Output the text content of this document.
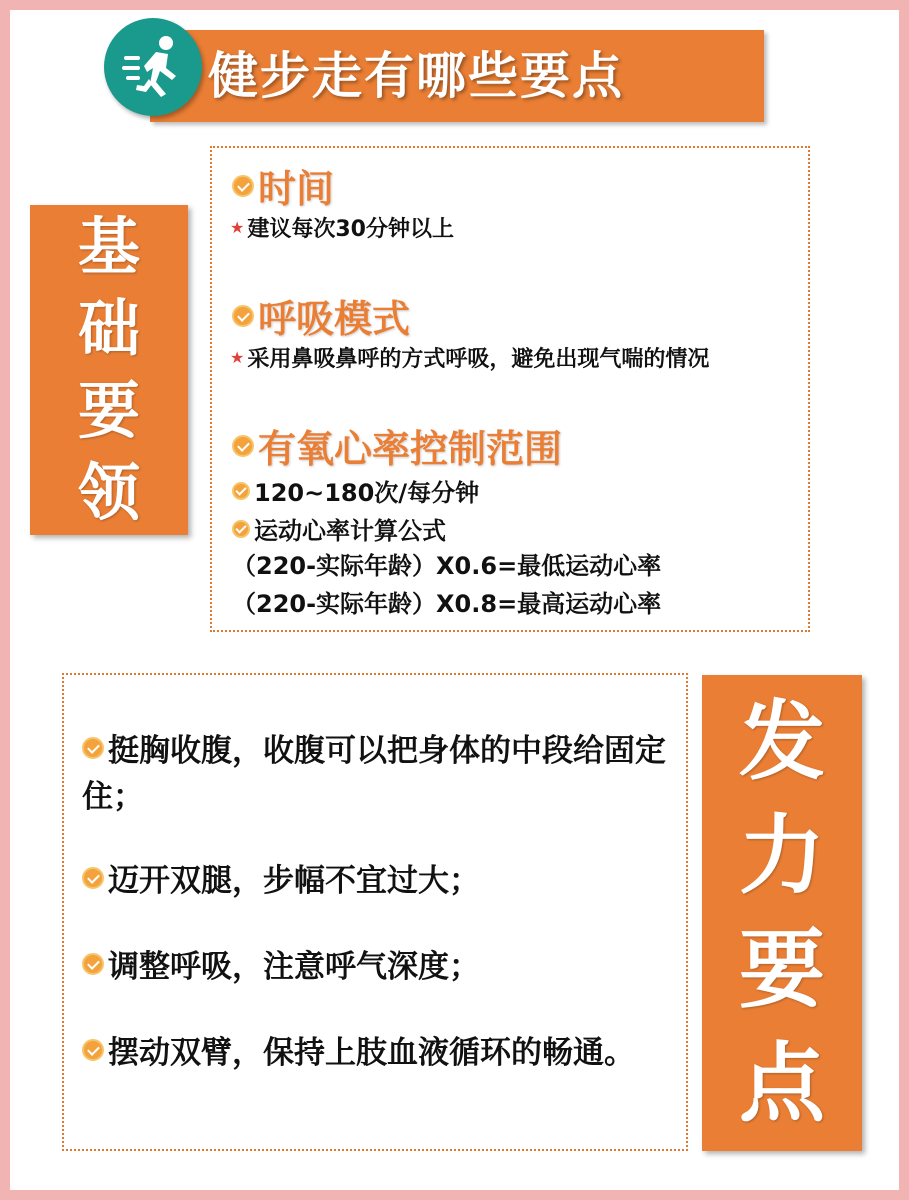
健步走有哪些要点
基
础
要
领
时间
★ 建议每次30分钟以上
呼吸模式
★ 采用鼻吸鼻呼的方式呼吸，避免出现气喘的情况
有氧心率控制范围
120~180次/每分钟
运动心率计算公式
（220-实际年龄）X0.6=最低运动心率
（220-实际年龄）X0.8=最高运动心率
挺胸收腹，收腹可以把身体的中段给固定住；
迈开双腿，步幅不宜过大；
调整呼吸，注意呼气深度；
摆动双臂，保持上肢血液循环的畅通。
发
力
要
点
